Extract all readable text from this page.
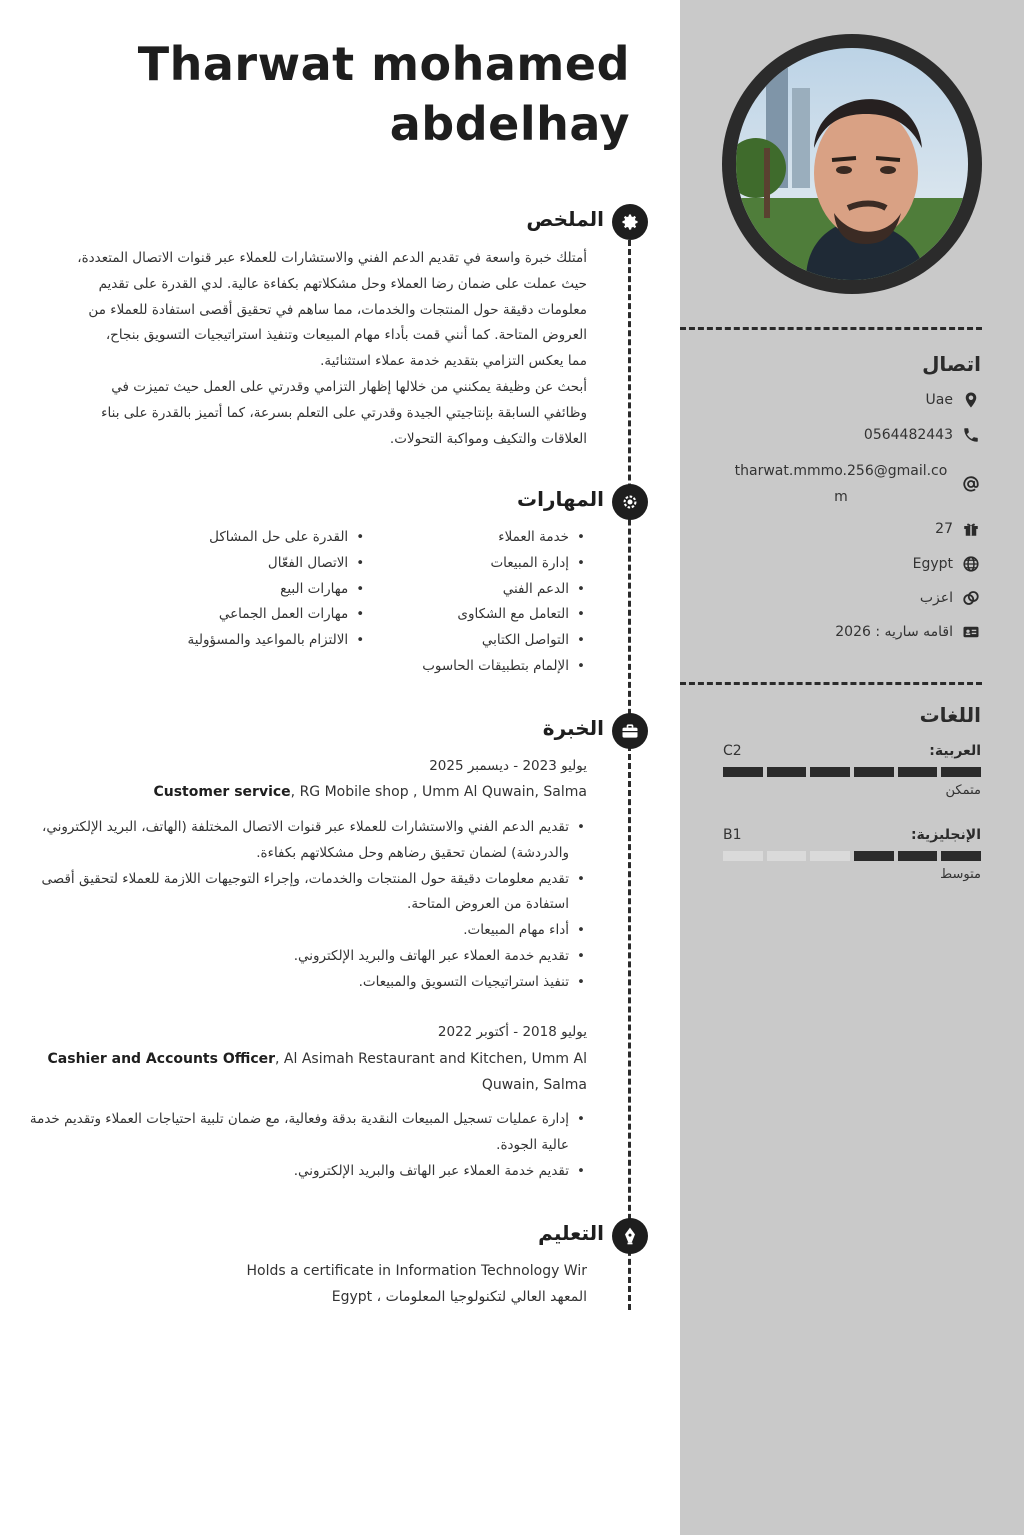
اتصال
Uae
0564482443
tharwat.mmmo.256@gmail.com
27
Egypt
اعزب
اقامه ساريه : 2026
اللغات
العربية:
C2
متمكن
الإنجليزية:
B1
متوسط
Tharwat mohamed
abdelhay
الملخص
أمتلك خبرة واسعة في تقديم الدعم الفني والاستشارات للعملاء عبر قنوات الاتصال المتعددة،
حيث عملت على ضمان رضا العملاء وحل مشكلاتهم بكفاءة عالية. لدي القدرة على تقديم
معلومات دقيقة حول المنتجات والخدمات، مما ساهم في تحقيق أقصى استفادة للعملاء من
العروض المتاحة. كما أنني قمت بأداء مهام المبيعات وتنفيذ استراتيجيات التسويق بنجاح،
مما يعكس التزامي بتقديم خدمة عملاء استثنائية.
أبحث عن وظيفة يمكنني من خلالها إظهار التزامي وقدرتي على العمل حيث تميزت في
وظائفي السابقة بإنتاجيتي الجيدة وقدرتي على التعلم بسرعة، كما أتميز بالقدرة على بناء
العلاقات والتكيف ومواكبة التحولات.
المهارات
• القدرة على حل المشاكل
• الاتصال الفعّال
• مهارات البيع
• مهارات العمل الجماعي
• الالتزام بالمواعيد والمسؤولية
• خدمة العملاء
• إدارة المبيعات
• الدعم الفني
• التعامل مع الشكاوى
• التواصل الكتابي
• الإلمام بتطبيقات الحاسوب
الخبرة
يوليو 2023 - ديسمبر 2025
Customer service, RG Mobile shop , Umm Al Quwain, Salma
• تقديم الدعم الفني والاستشارات للعملاء عبر قنوات الاتصال المختلفة (الهاتف، البريد الإلكتروني، والدردشة) لضمان تحقيق رضاهم وحل مشكلاتهم بكفاءة.
• تقديم معلومات دقيقة حول المنتجات والخدمات، وإجراء التوجيهات اللازمة للعملاء لتحقيق أقصى استفادة من العروض المتاحة.
• أداء مهام المبيعات.
• تقديم خدمة العملاء عبر الهاتف والبريد الإلكتروني.
• تنفيذ استراتيجيات التسويق والمبيعات.
يوليو 2018 - أكتوبر 2022
Cashier and Accounts Officer, Al Asimah Restaurant and Kitchen, Umm Al Quwain, Salma
• إدارة عمليات تسجيل المبيعات النقدية بدقة وفعالية، مع ضمان تلبية احتياجات العملاء وتقديم خدمة عالية الجودة.
• تقديم خدمة العملاء عبر الهاتف والبريد الإلكتروني.
التعليم
Holds a certificate in Information Technology Wir
المعهد العالي لتكنولوجيا المعلومات ، Egypt
